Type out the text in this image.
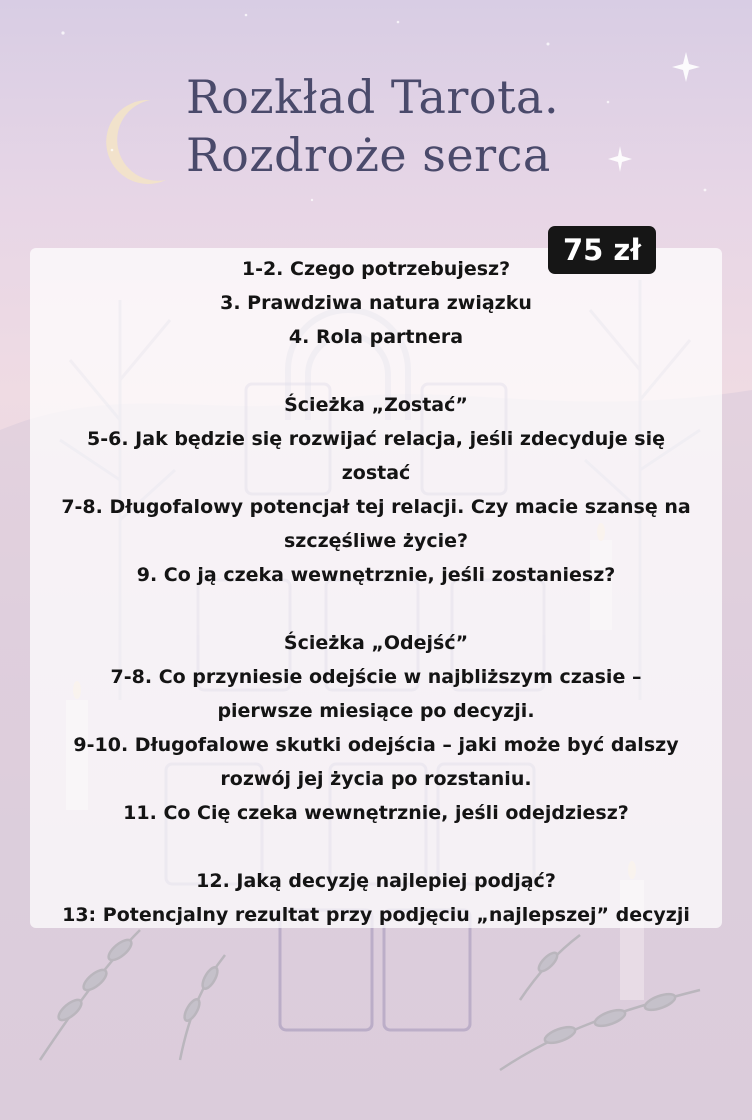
Rozkład Tarota.
Rozdroże serca
1-2. Czego potrzebujesz?
3. Prawdziwa natura związku
4. Rola partnera
Ścieżka „Zostać”
5-6. Jak będzie się rozwijać relacja, jeśli zdecyduje się
zostać
7-8. Długofalowy potencjał tej relacji. Czy macie szansę na
szczęśliwe życie?
9. Co ją czeka wewnętrznie, jeśli zostaniesz?
Ścieżka „Odejść”
7-8. Co przyniesie odejście w najbliższym czasie –
pierwsze miesiące po decyzji.
9-10. Długofalowe skutki odejścia – jaki może być dalszy
rozwój jej życia po rozstaniu.
11. Co Cię czeka wewnętrznie, jeśli odejdziesz?
12. Jaką decyzję najlepiej podjąć?
13: Potencjalny rezultat przy podjęciu „najlepszej” decyzji
75 zł
